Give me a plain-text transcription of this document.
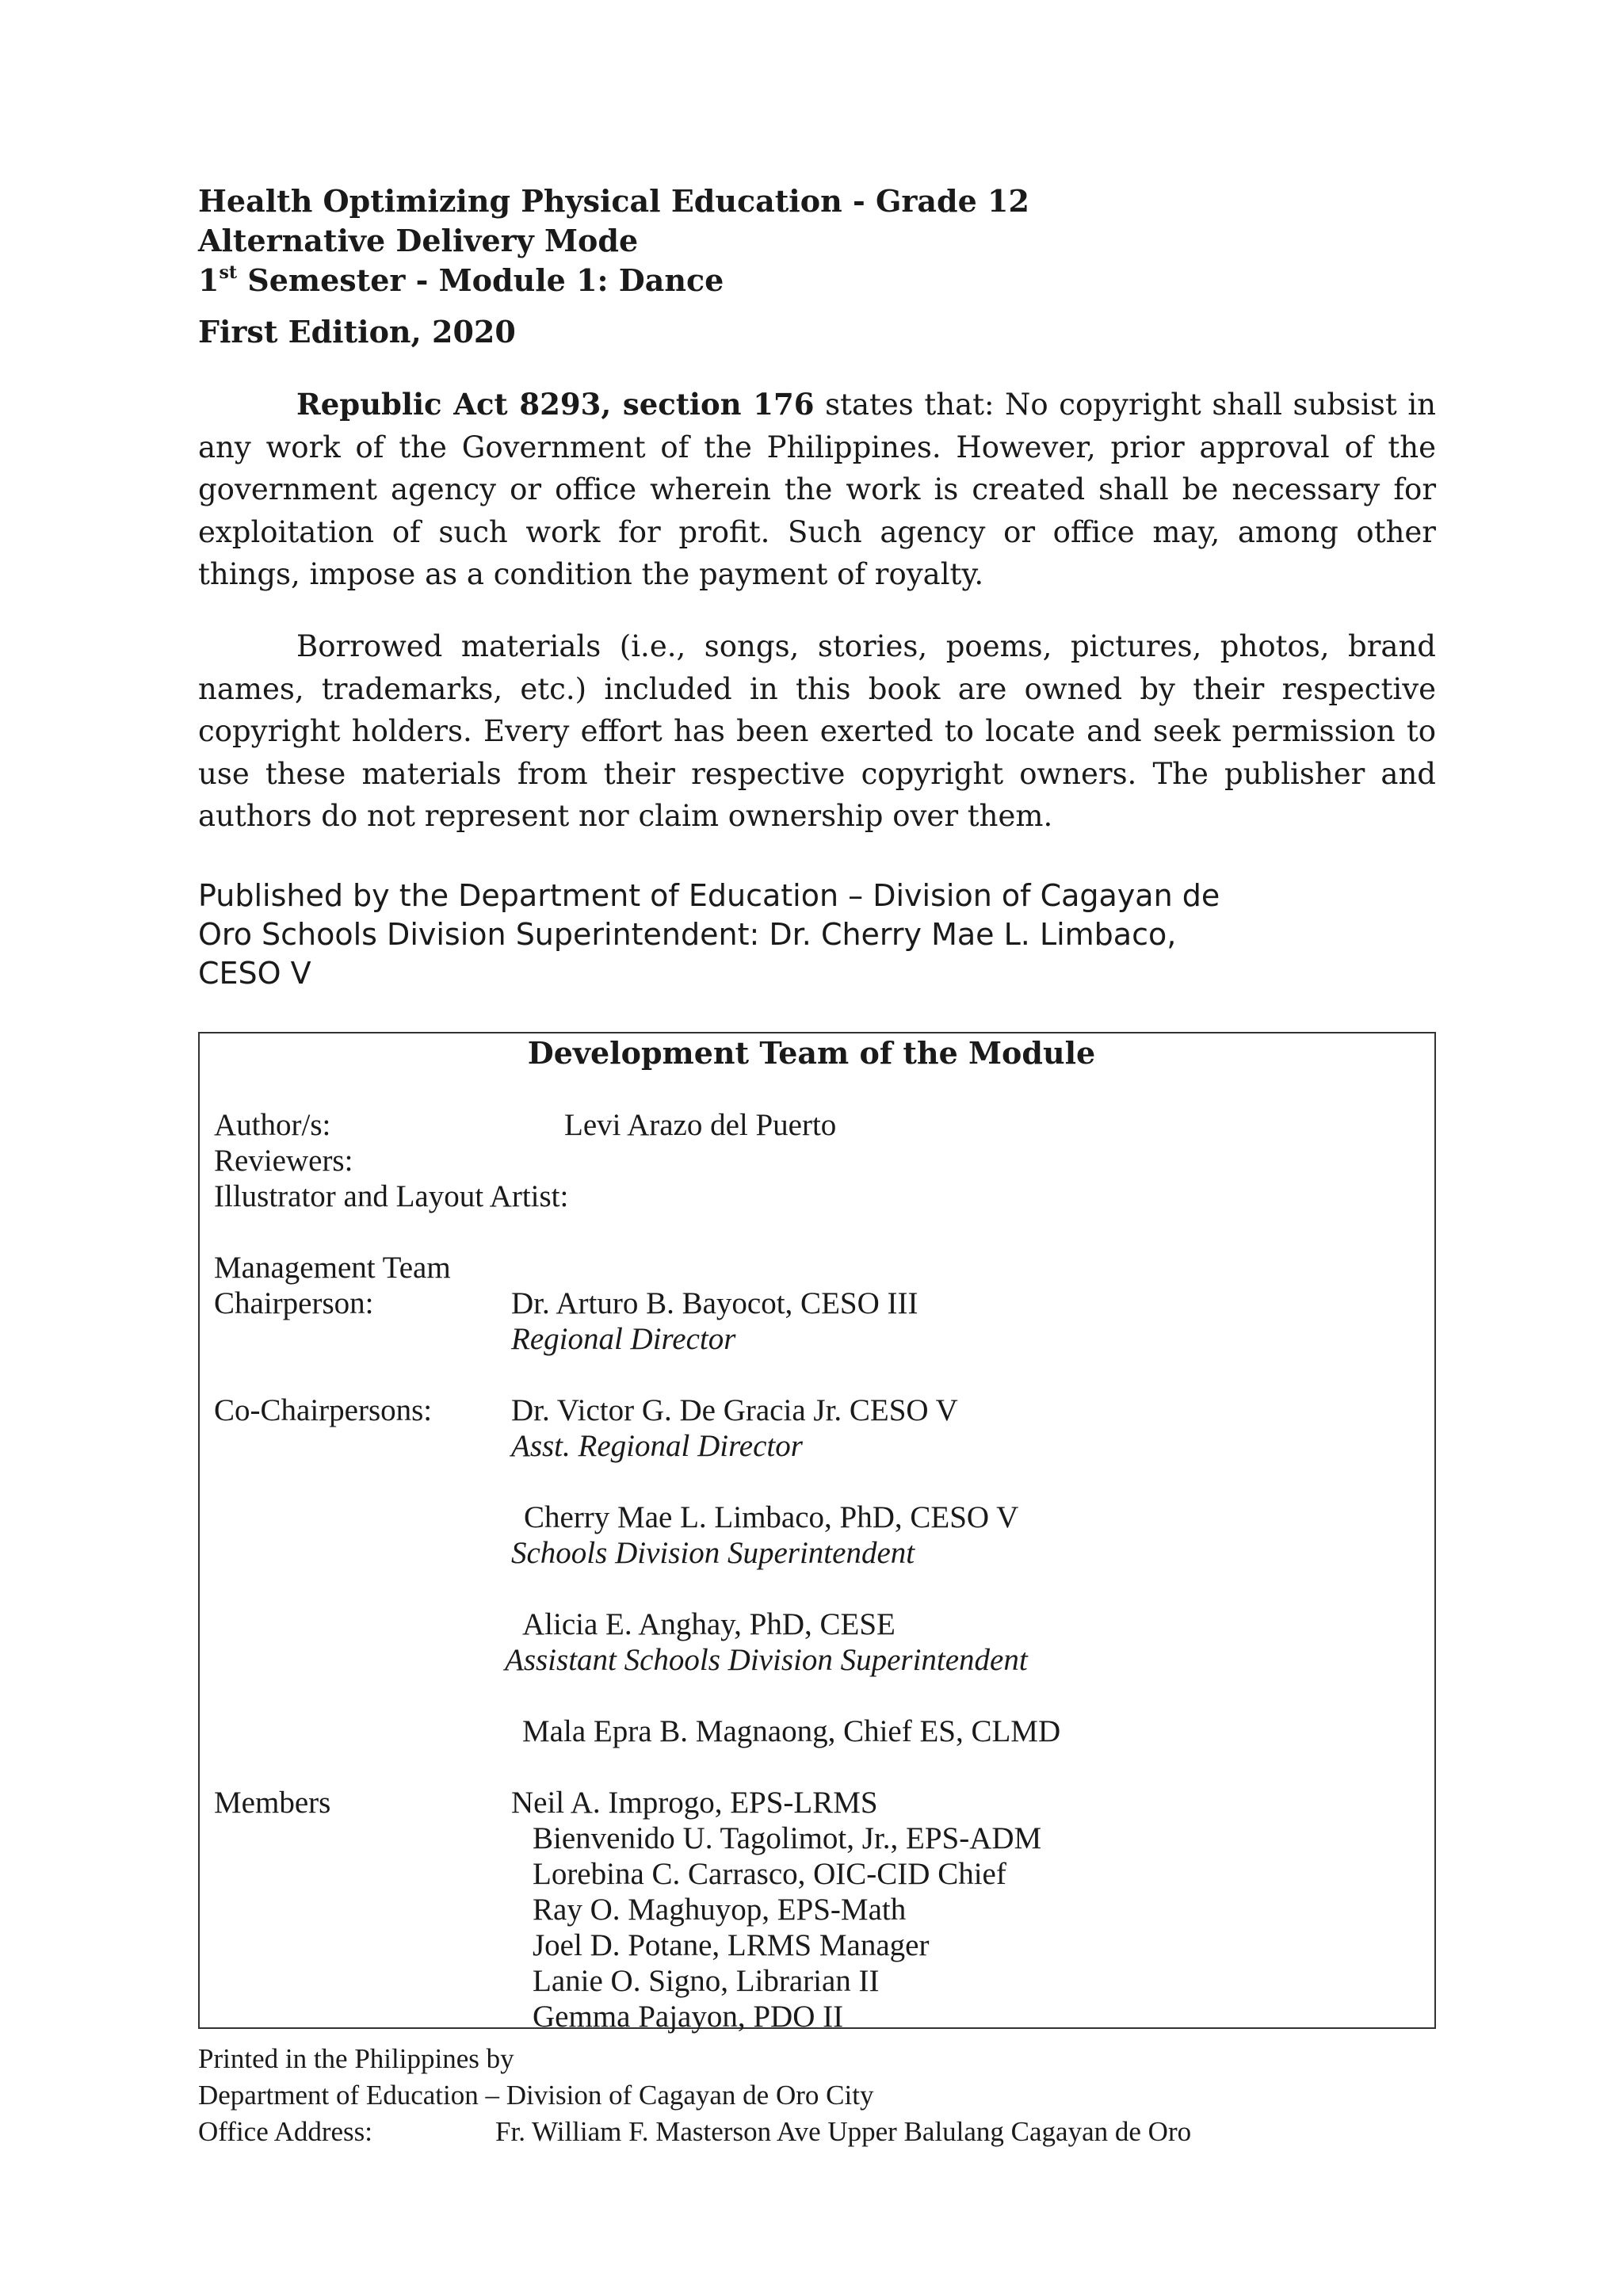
Health Optimizing Physical Education - Grade 12
Alternative Delivery Mode
1st Semester - Module 1: Dance
First Edition, 2020

Republic Act 8293, section 176 states that: No copyright shall subsist in any work of the Government of the Philippines. However, prior approval of the government agency or office wherein the work is created shall be necessary for exploitation of such work for profit. Such agency or office may, among other things, impose as a condition the payment of royalty.

Borrowed materials (i.e., songs, stories, poems, pictures, photos, brand names, trademarks, etc.) included in this book are owned by their respective copyright holders. Every effort has been exerted to locate and seek permission to use these materials from their respective copyright owners. The publisher and authors do not represent nor claim ownership over them.

Published by the Department of Education – Division of Cagayan de
Oro Schools Division Superintendent: Dr. Cherry Mae L. Limbaco,
CESO V
Development Team of the Module
Author/s:	Levi Arazo del Puerto
Reviewers:
Illustrator and Layout Artist:
Management Team
Chairperson:	Dr. Arturo B. Bayocot, CESO III
Regional Director
Co-Chairpersons:	Dr. Victor G. De Gracia Jr. CESO V
Asst. Regional Director
Cherry Mae L. Limbaco, PhD, CESO V
Schools Division Superintendent
Alicia E. Anghay, PhD, CESE
Assistant Schools Division Superintendent
Mala Epra B. Magnaong, Chief ES, CLMD
Members	Neil A. Improgo, EPS-LRMS
Bienvenido U. Tagolimot, Jr., EPS-ADM
Lorebina C. Carrasco, OIC-CID Chief
Ray O. Maghuyop, EPS-Math
Joel D. Potane, LRMS Manager
Lanie O. Signo, Librarian II
Gemma Pajayon, PDO II
Printed in the Philippines by
Department of Education – Division of Cagayan de Oro City
Office Address:	Fr. William F. Masterson Ave Upper Balulang Cagayan de Oro
